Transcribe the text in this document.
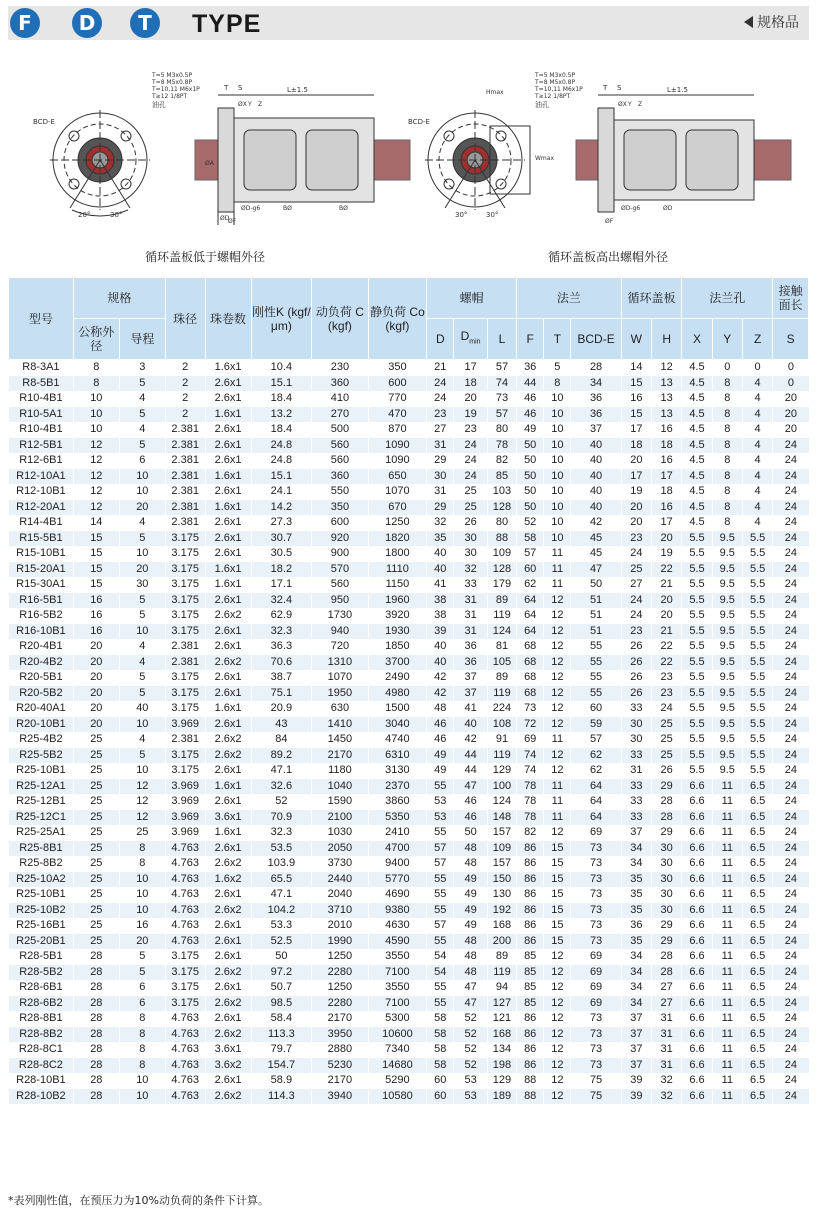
F	D	T	TYPE	规格品
BCD-E
20°	30°
T=5 M3x0.5P
T=8 M5x0.8P
T=10,11 M6x1P
T≥12 1/8PT
油孔
L±1.5
T S
ØD
ØA
ØF
ØD-g6	BØ
ØX Y Z
BØ
BCD-E
30°	30°
Hmax
Wmax
T=5 M3x0.5P
T=8 M5x0.8P
T=10,11 M6x1P
T≥12 1/8PT
油孔
L±1.5
T S
ØF
ØD-g6	ØD
ØX Y Z
循环盖板低于螺帽外径	循环盖板高出螺帽外径
型号	规格		珠径	珠卷数	刚性K (kgf/μm)	动负荷 C (kgf)	静负荷 Co (kgf)	螺帽			法兰			循环盖板		法兰孔			接触面长
	公称外径	导程						D	$D_{min}$	L	F	T	BCD-E	W	H	X	Y	Z	S
R8-3A1	8	3	2	1.6x1	10.4	230	350	21	17	57	36	5	28	14	12	4.5	0	0	0
R8-5B1	8	5	2	2.6x1	15.1	360	600	24	18	74	44	8	34	15	13	4.5	8	4	0
R10-4B1	10	4	2	2.6x1	18.4	410	770	24	20	73	46	10	36	16	13	4.5	8	4	20
R10-5A1	10	5	2	1.6x1	13.2	270	470	23	19	57	46	10	36	15	13	4.5	8	4	20
R10-4B1	10	4	2.381	2.6x1	18.4	500	870	27	23	80	49	10	37	17	16	4.5	8	4	20
R12-5B1	12	5	2.381	2.6x1	24.8	560	1090	31	24	78	50	10	40	18	18	4.5	8	4	24
R12-6B1	12	6	2.381	2.6x1	24.8	560	1090	29	24	82	50	10	40	20	16	4.5	8	4	24
R12-10A1	12	10	2.381	1.6x1	15.1	360	650	30	24	85	50	10	40	17	17	4.5	8	4	24
R12-10B1	12	10	2.381	2.6x1	24.1	550	1070	31	25	103	50	10	40	19	18	4.5	8	4	24
R12-20A1	12	20	2.381	1.6x1	14.2	350	670	29	25	128	50	10	40	20	16	4.5	8	4	24
R14-4B1	14	4	2.381	2.6x1	27.3	600	1250	32	26	80	52	10	42	20	17	4.5	8	4	24
R15-5B1	15	5	3.175	2.6x1	30.7	920	1820	35	30	88	58	10	45	23	20	5.5	9.5	5.5	24
R15-10B1	15	10	3.175	2.6x1	30.5	900	1800	40	30	109	57	11	45	24	19	5.5	9.5	5.5	24
R15-20A1	15	20	3.175	1.6x1	18.2	570	1110	40	32	128	60	11	47	25	22	5.5	9.5	5.5	24
R15-30A1	15	30	3.175	1.6x1	17.1	560	1150	41	33	179	62	11	50	27	21	5.5	9.5	5.5	24
R16-5B1	16	5	3.175	2.6x1	32.4	950	1960	38	31	89	64	12	51	24	20	5.5	9.5	5.5	24
R16-5B2	16	5	3.175	2.6x2	62.9	1730	3920	38	31	119	64	12	51	24	20	5.5	9.5	5.5	24
R16-10B1	16	10	3.175	2.6x1	32.3	940	1930	39	31	124	64	12	51	23	21	5.5	9.5	5.5	24
R20-4B1	20	4	2.381	2.6x1	36.3	720	1850	40	36	81	68	12	55	26	22	5.5	9.5	5.5	24
R20-4B2	20	4	2.381	2.6x2	70.6	1310	3700	40	36	105	68	12	55	26	22	5.5	9.5	5.5	24
R20-5B1	20	5	3.175	2.6x1	38.7	1070	2490	42	37	89	68	12	55	26	23	5.5	9.5	5.5	24
R20-5B2	20	5	3.175	2.6x1	75.1	1950	4980	42	37	119	68	12	55	26	23	5.5	9.5	5.5	24
R20-40A1	20	40	3.175	1.6x1	20.9	630	1500	48	41	224	73	12	60	33	24	5.5	9.5	5.5	24
R20-10B1	20	10	3.969	2.6x1	43	1410	3040	46	40	108	72	12	59	30	25	5.5	9.5	5.5	24
R25-4B2	25	4	2.381	2.6x2	84	1450	4740	46	42	91	69	11	57	30	25	5.5	9.5	5.5	24
R25-5B2	25	5	3.175	2.6x2	89.2	2170	6310	49	44	119	74	12	62	33	25	5.5	9.5	5.5	24
R25-10B1	25	10	3.175	2.6x1	47.1	1180	3130	49	44	129	74	12	62	31	26	5.5	9.5	5.5	24
R25-12A1	25	12	3.969	1.6x1	32.6	1040	2370	55	47	100	78	11	64	33	29	6.6	11	6.5	24
R25-12B1	25	12	3.969	2.6x1	52	1590	3860	53	46	124	78	11	64	33	28	6.6	11	6.5	24
R25-12C1	25	12	3.969	3.6x1	70.9	2100	5350	53	46	148	78	11	64	33	28	6.6	11	6.5	24
R25-25A1	25	25	3.969	1.6x1	32.3	1030	2410	55	50	157	82	12	69	37	29	6.6	11	6.5	24
R25-8B1	25	8	4.763	2.6x1	53.5	2050	4700	57	48	109	86	15	73	34	30	6.6	11	6.5	24
R25-8B2	25	8	4.763	2.6x2	103.9	3730	9400	57	48	157	86	15	73	34	30	6.6	11	6.5	24
R25-10A2	25	10	4.763	1.6x2	65.5	2440	5770	55	49	150	86	15	73	35	30	6.6	11	6.5	24
R25-10B1	25	10	4.763	2.6x1	47.1	2040	4690	55	49	130	86	15	73	35	30	6.6	11	6.5	24
R25-10B2	25	10	4.763	2.6x2	104.2	3710	9380	55	49	192	86	15	73	35	30	6.6	11	6.5	24
R25-16B1	25	16	4.763	2.6x1	53.3	2010	4630	57	49	168	86	15	73	36	29	6.6	11	6.5	24
R25-20B1	25	20	4.763	2.6x1	52.5	1990	4590	55	48	200	86	15	73	35	29	6.6	11	6.5	24
R28-5B1	28	5	3.175	2.6x1	50	1250	3550	54	48	89	85	12	69	34	28	6.6	11	6.5	24
R28-5B2	28	5	3.175	2.6x2	97.2	2280	7100	54	48	119	85	12	69	34	28	6.6	11	6.5	24
R28-6B1	28	6	3.175	2.6x1	50.7	1250	3550	55	47	94	85	12	69	34	27	6.6	11	6.5	24
R28-6B2	28	6	3.175	2.6x2	98.5	2280	7100	55	47	127	85	12	69	34	27	6.6	11	6.5	24
R28-8B1	28	8	4.763	2.6x1	58.4	2170	5300	58	52	121	86	12	73	37	31	6.6	11	6.5	24
R28-8B2	28	8	4.763	2.6x2	113.3	3950	10600	58	52	168	86	12	73	37	31	6.6	11	6.5	24
R28-8C1	28	8	4.763	3.6x1	79.7	2880	7340	58	52	134	86	12	73	37	31	6.6	11	6.5	24
R28-8C2	28	8	4.763	3.6x2	154.7	5230	14680	58	52	198	86	12	73	37	31	6.6	11	6.5	24
R28-10B1	28	10	4.763	2.6x1	58.9	2170	5290	60	53	129	88	12	75	39	32	6.6	11	6.5	24
R28-10B2	28	10	4.763	2.6x2	114.3	3940	10580	60	53	189	88	12	75	39	32	6.6	11	6.5	24
*表列刚性值，在预压力为10%动负荷的条件下计算。
